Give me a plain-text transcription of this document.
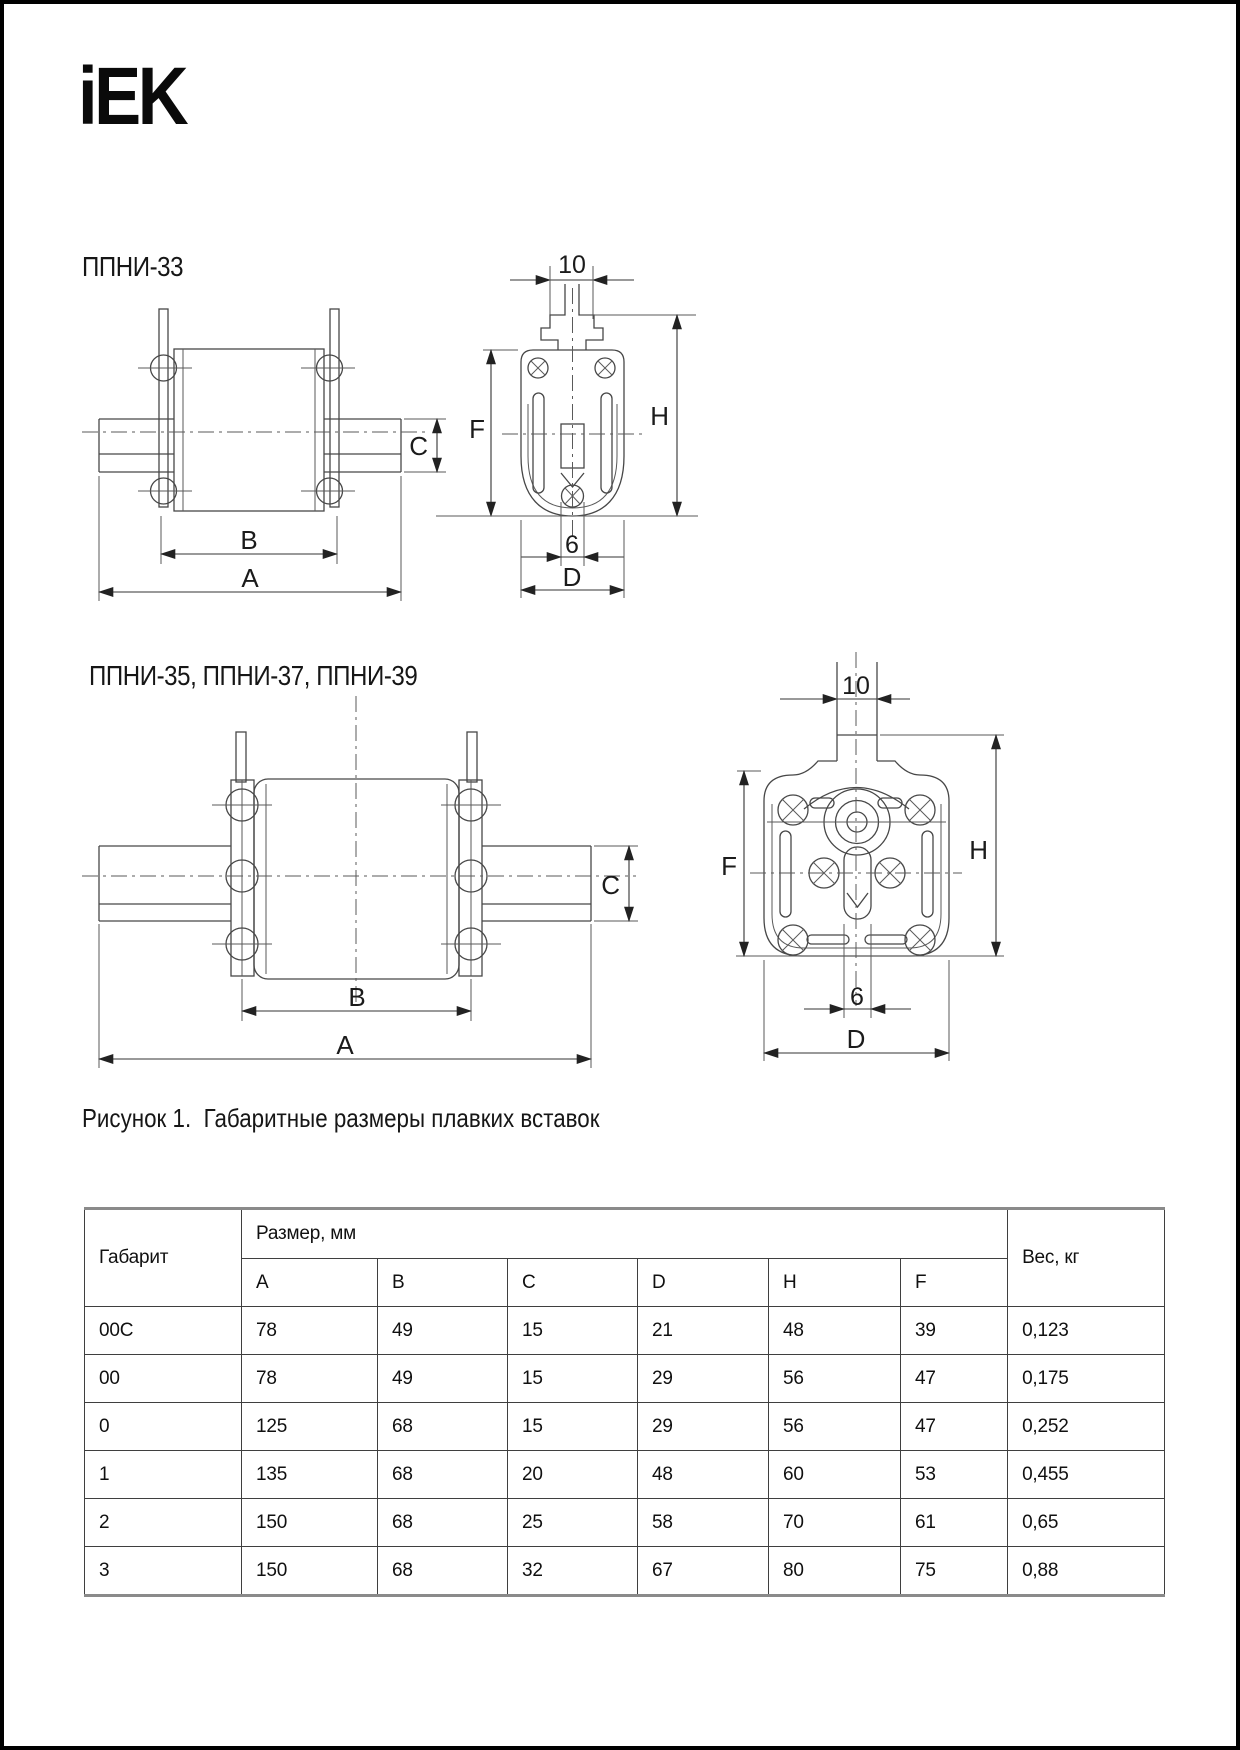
iEK
ППНИ-33
ППНИ-35, ППНИ-37, ППНИ-39
C
B
A
10
F	H
6
D
C
B
A
10
F
H
6
D
Рисунок 1.  Габаритные размеры плавких вставок
Габарит	Размер, мм						Вес, кг
	A	B	C	D	H	F	
00C	78	49	15	21	48	39	0,123
00	78	49	15	29	56	47	0,175
0	125	68	15	29	56	47	0,252
1	135	68	20	48	60	53	0,455
2	150	68	25	58	70	61	0,65
3	150	68	32	67	80	75	0,88
